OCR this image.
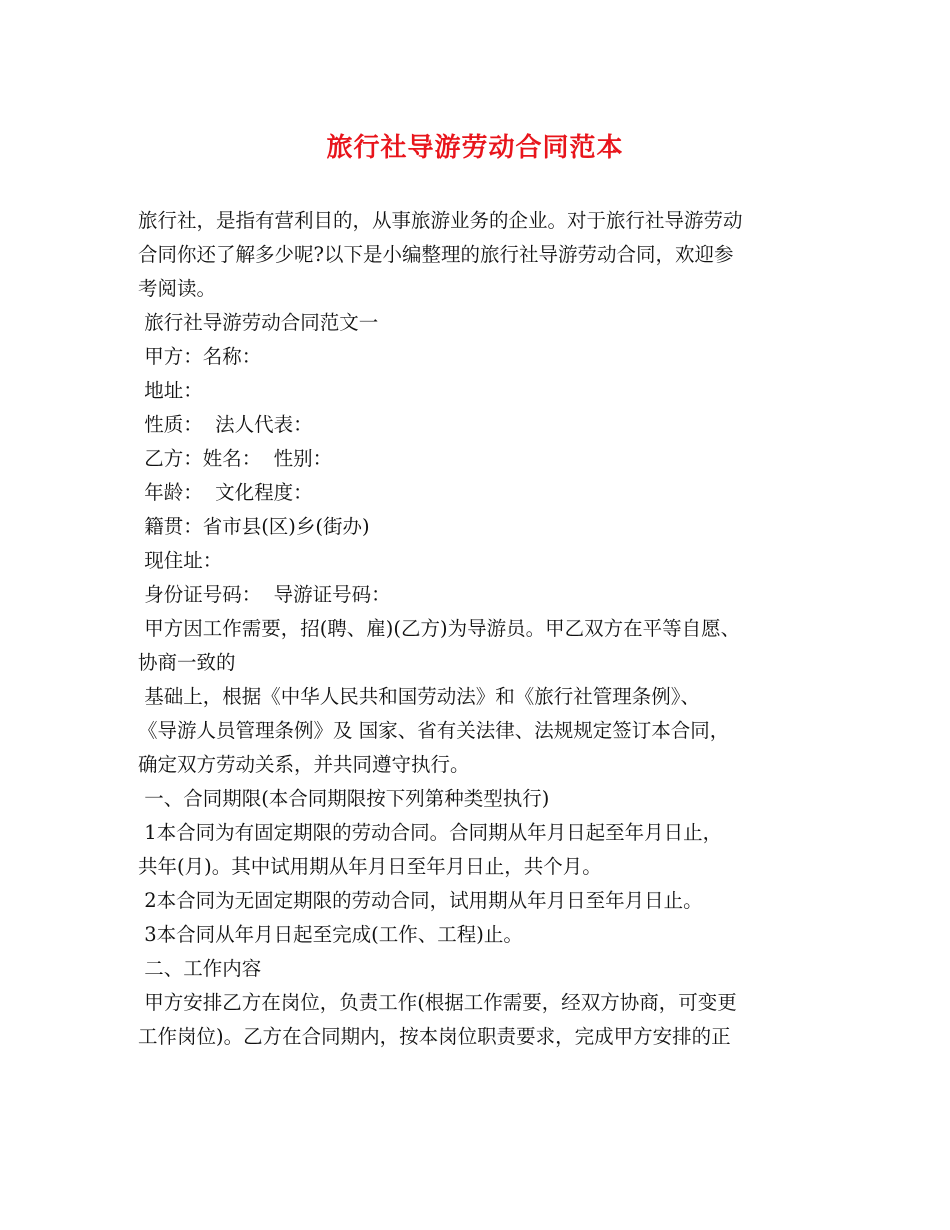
旅行社导游劳动合同范本
旅行社，是指有营利目的，从事旅游业务的企业。对于旅行社导游劳动
合同你还了解多少呢?以下是小编整理的旅行社导游劳动合同，欢迎参
考阅读。
旅行社导游劳动合同范文一
甲方：名称：
地址：
性质：  法人代表：
乙方：姓名：  性别：
年龄：  文化程度：
籍贯：省市县(区)乡(街办)
现住址：
身份证号码：  导游证号码：
甲方因工作需要，招(聘、雇)(乙方)为导游员。甲乙双方在平等自愿、
协商一致的
基础上，根据《中华人民共和国劳动法》和《旅行社管理条例》、
《导游人员管理条例》及 国家、省有关法律、法规规定签订本合同，
确定双方劳动关系，并共同遵守执行。
一、合同期限(本合同期限按下列第种类型执行)
1本合同为有固定期限的劳动合同。合同期从年月日起至年月日止，
共年(月)。其中试用期从年月日至年月日止，共个月。
2本合同为无固定期限的劳动合同，试用期从年月日至年月日止。
3本合同从年月日起至完成(工作、工程)止。
二、工作内容
甲方安排乙方在岗位，负责工作(根据工作需要，经双方协商，可变更
工作岗位)。乙方在合同期内，按本岗位职责要求，完成甲方安排的正
